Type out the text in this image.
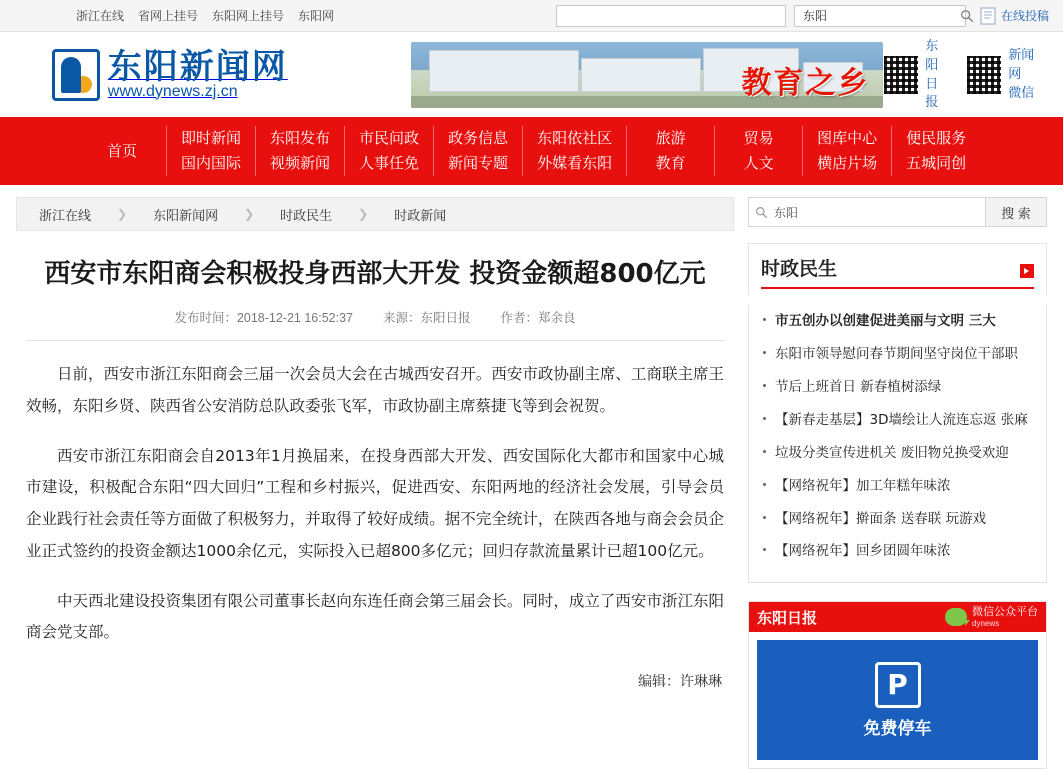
浙江在线 省网上挂号 东阳网上挂号 东阳网
东阳	在线投稿
东阳新闻网 www.dynews.zj.cn	教育之乡
东阳
日报
新闻网
微信
首页
即时新闻
国内国际
东阳发布
视频新闻
市民问政
人事任免
政务信息
新闻专题
东阳依社区
外媒看东阳
旅游
教育
贸易
人文
图库中心
横店片场
便民服务
五城同创
浙江在线 ❯ 东阳新闻网 ❯ 时政民生 ❯ 时政新闻
西安市东阳商会积极投身西部大开发 投资金额超800亿元
发布时间：2018-12-21 16:52:37 来源：东阳日报 作者：郑余良

日前，西安市浙江东阳商会三届一次会员大会在古城西安召开。西安市政协副主席、工商联主席王效畅，东阳乡贤、陕西省公安消防总队政委张飞军，市政协副主席蔡捷飞等到会祝贺。

西安市浙江东阳商会自2013年1月换届来，在投身西部大开发、西安国际化大都市和国家中心城市建设，积极配合东阳“四大回归”工程和乡村振兴，促进西安、东阳两地的经济社会发展，引导会员企业践行社会责任等方面做了积极努力，并取得了较好成绩。据不完全统计，在陕西各地与商会会员企业正式签约的投资金额达1000余亿元，实际投入已超800多亿元；回归存款流量累计已超100亿元。

中天西北建设投资集团有限公司董事长赵向东连任商会第三届会长。同时，成立了西安市浙江东阳商会党支部。

编辑：许琳琳
东阳
搜 索
时政民生
市五创办以创建促进美丽与文明 三大
东阳市领导慰问春节期间坚守岗位干部职
节后上班首日 新春植树添绿
【新春走基层】3D墙绘让人流连忘返 张麻
垃圾分类宣传进机关 废旧物兑换受欢迎
【网络祝年】加工年糕年味浓
【网络祝年】擀面条 送春联 玩游戏
【网络祝年】回乡团圆年味浓
东阳日报	微信公众平台
dynews
P
免费停车
